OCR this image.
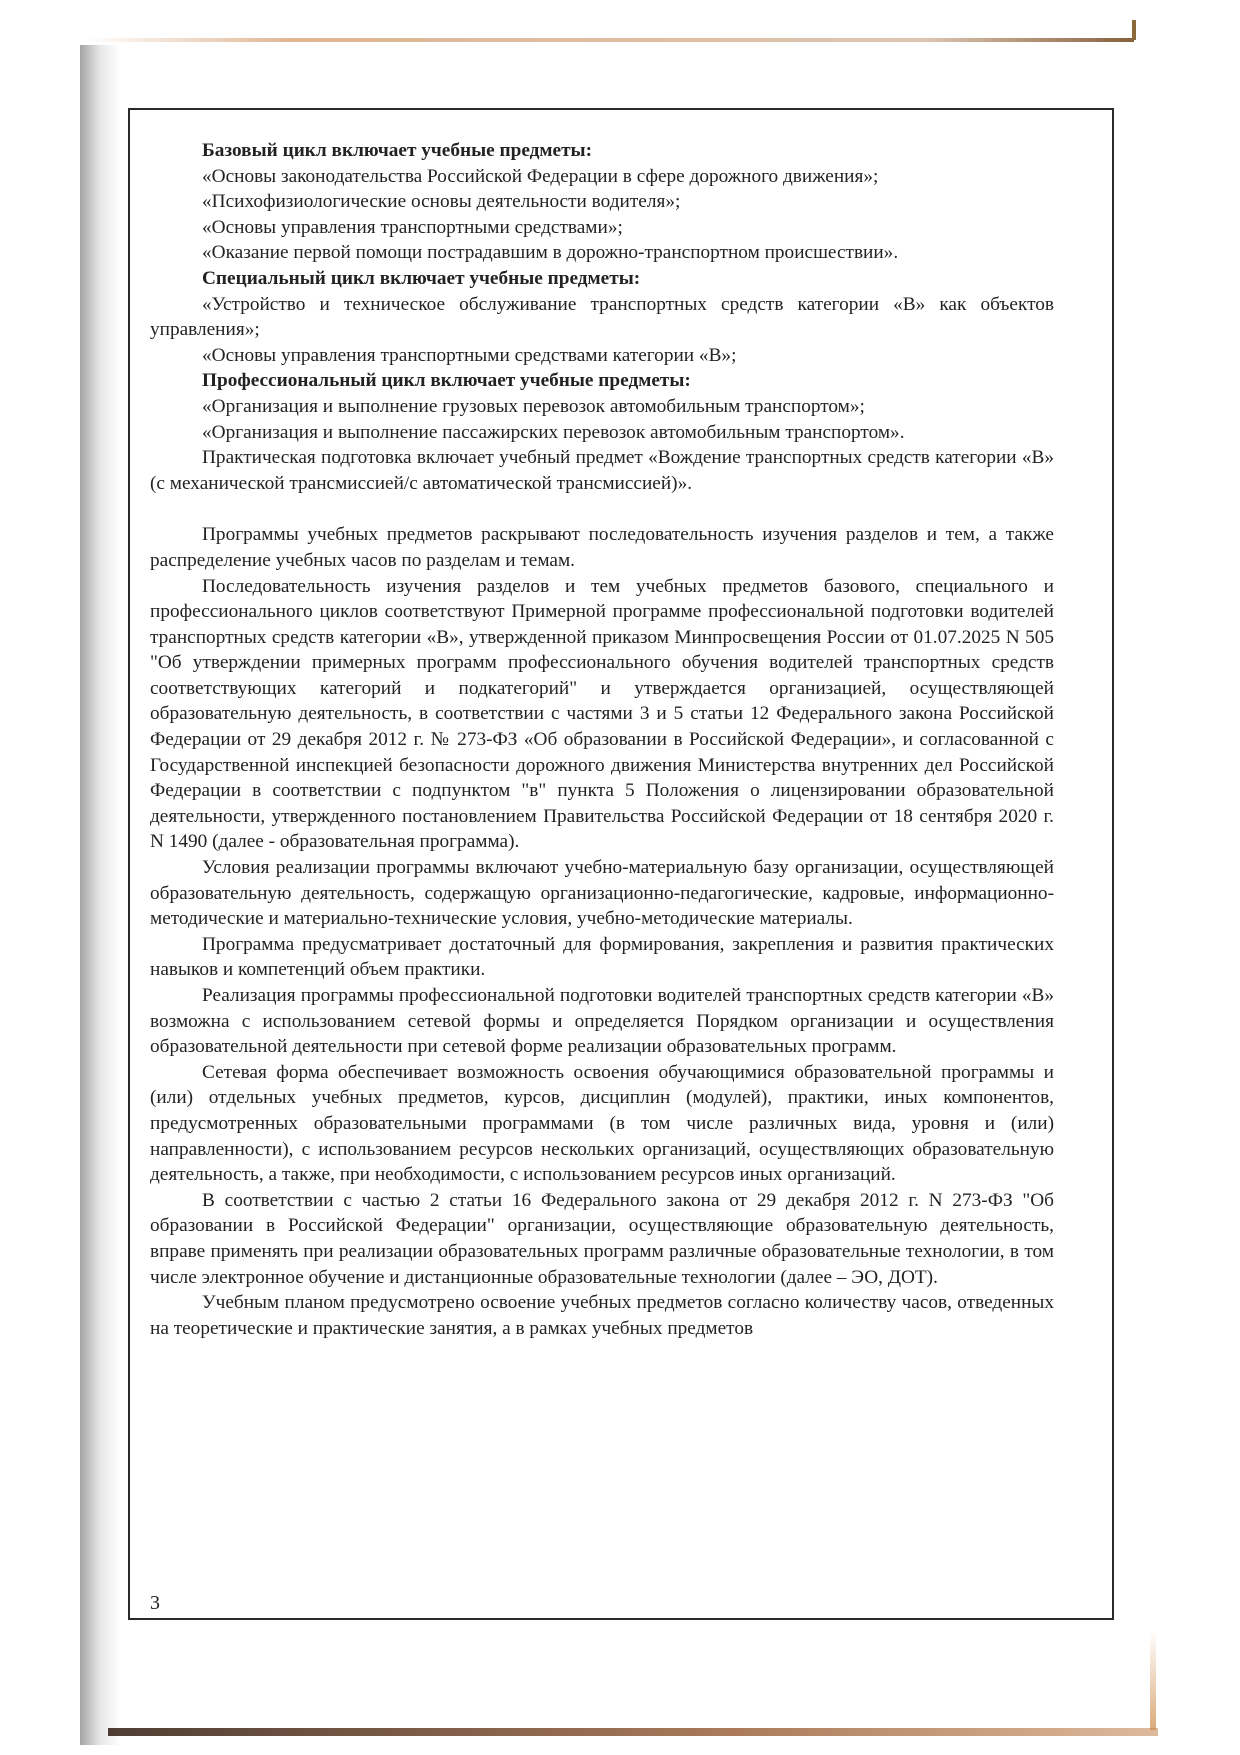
Базовый цикл включает учебные предметы:

«Основы законодательства Российской Федерации в сфере дорожного движения»;

«Психофизиологические основы деятельности водителя»;

«Основы управления транспортными средствами»;

«Оказание первой помощи пострадавшим в дорожно-транспортном происшествии».

Специальный цикл включает учебные предметы:

«Устройство и техническое обслуживание транспортных средств категории «В» как объектов управления»;

«Основы управления транспортными средствами категории «В»;

Профессиональный цикл включает учебные предметы:

«Организация и выполнение грузовых перевозок автомобильным транспортом»;

«Организация и выполнение пассажирских перевозок автомобильным транспортом».

Практическая подготовка включает учебный предмет «Вождение транспортных средств категории «В» (с механической трансмиссией/с автоматической трансмиссией)».

Программы учебных предметов раскрывают последовательность изучения разделов и тем, а также распределение учебных часов по разделам и темам.

Последовательность изучения разделов и тем учебных предметов базового, специального и профессионального циклов соответствуют Примерной программе профессиональной подготовки водителей транспортных средств категории «В», утвержденной приказом Минпросвещения России от 01.07.2025 N 505 "Об утверждении примерных программ профессионального обучения водителей транспортных средств соответствующих категорий и подкатегорий" и утверждается организацией, осуществляющей образовательную деятельность, в соответствии с частями 3 и 5 статьи 12 Федерального закона Российской Федерации от 29 декабря 2012 г. № 273-ФЗ «Об образовании в Российской Федерации», и согласованной с Государственной инспекцией безопасности дорожного движения Министерства внутренних дел Российской Федерации в соответствии с подпунктом "в" пункта 5 Положения о лицензировании образовательной деятельности, утвержденного постановлением Правительства Российской Федерации от 18 сентября 2020 г. N 1490 (далее - образовательная программа).

Условия реализации программы включают учебно-материальную базу организации, осуществляющей образовательную деятельность, содержащую организационно-педагогические, кадровые, информационно-методические и материально-технические условия, учебно-методические материалы.

Программа предусматривает достаточный для формирования, закрепления и развития практических навыков и компетенций объем практики.

Реализация программы профессиональной подготовки водителей транспортных средств категории «В» возможна с использованием сетевой формы и определяется Порядком организации и осуществления образовательной деятельности при сетевой форме реализации образовательных программ.

Сетевая форма обеспечивает возможность освоения обучающимися образовательной программы и (или) отдельных учебных предметов, курсов, дисциплин (модулей), практики, иных компонентов, предусмотренных образовательными программами (в том числе различных вида, уровня и (или) направленности), с использованием ресурсов нескольких организаций, осуществляющих образовательную деятельность, а также, при необходимости, с использованием ресурсов иных организаций.

В соответствии с частью 2 статьи 16 Федерального закона от 29 декабря 2012 г. N 273-ФЗ "Об образовании в Российской Федерации" организации, осуществляющие образовательную деятельность, вправе применять при реализации образовательных программ различные образовательные технологии, в том числе электронное обучение и дистанционные образовательные технологии (далее – ЭО, ДОТ).

Учебным планом предусмотрено освоение учебных предметов согласно количеству часов, отведенных на теоретические и практические занятия, а в рамках учебных предметов

3
